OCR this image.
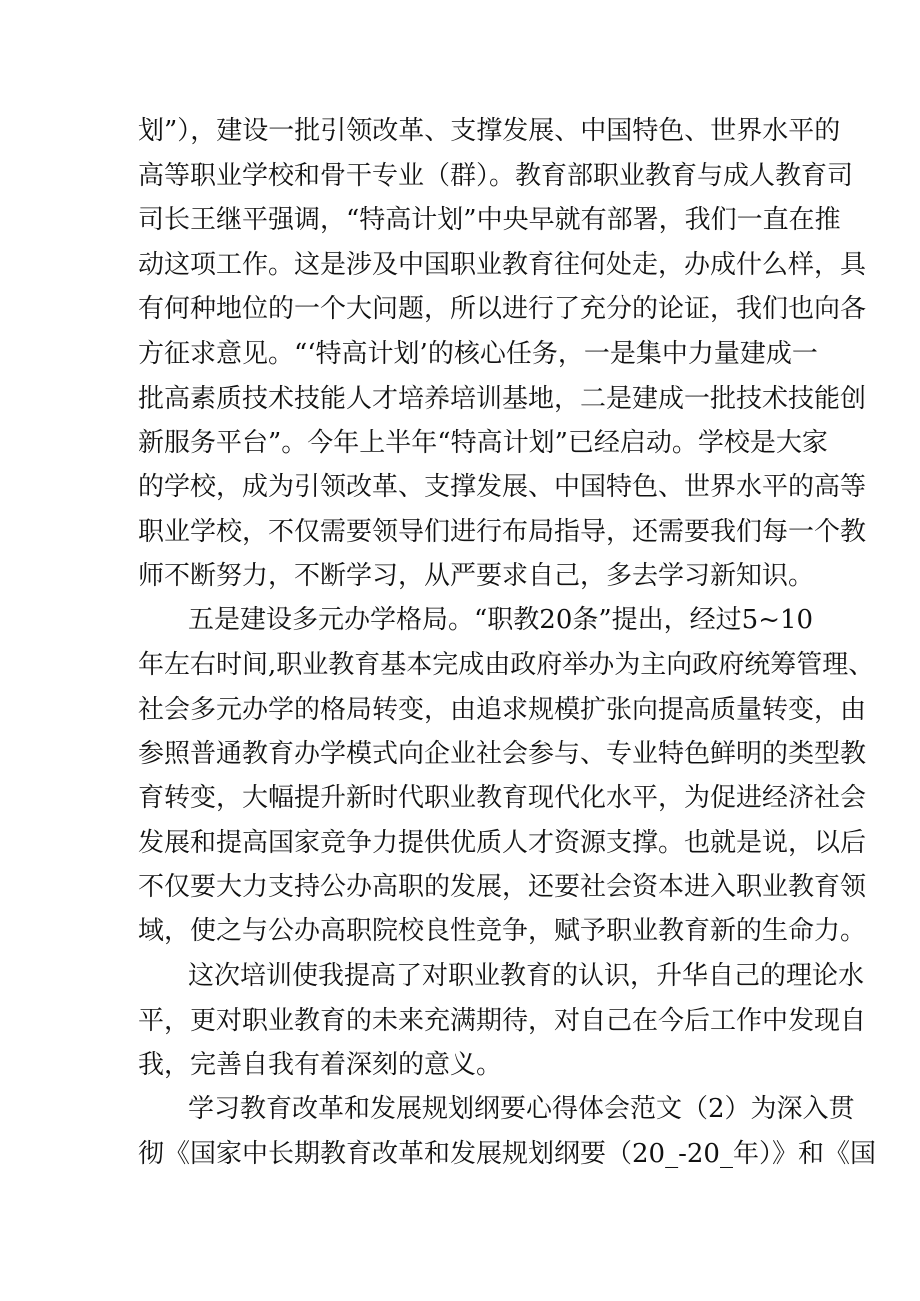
划”），建设一批引领改革、支撑发展、中国特色、世界水平的
高等职业学校和骨干专业（群）。教育部职业教育与成人教育司
司长王继平强调，“特高计划”中央早就有部署，我们一直在推
动这项工作。这是涉及中国职业教育往何处走，办成什么样，具
有何种地位的一个大问题，所以进行了充分的论证，我们也向各
方征求意见。“‘特高计划’的核心任务，一是集中力量建成一
批高素质技术技能人才培养培训基地，二是建成一批技术技能创
新服务平台”。今年上半年“特高计划”已经启动。学校是大家
的学校，成为引领改革、支撑发展、中国特色、世界水平的高等
职业学校，不仅需要领导们进行布局指导，还需要我们每一个教
师不断努力，不断学习，从严要求自己，多去学习新知识。
五是建设多元办学格局。“职教20条”提出，经过5~10
年左右时间,职业教育基本完成由政府举办为主向政府统筹管理、
社会多元办学的格局转变，由追求规模扩张向提高质量转变，由
参照普通教育办学模式向企业社会参与、专业特色鲜明的类型教
育转变，大幅提升新时代职业教育现代化水平，为促进经济社会
发展和提高国家竞争力提供优质人才资源支撑。也就是说，以后
不仅要大力支持公办高职的发展，还要社会资本进入职业教育领
域，使之与公办高职院校良性竞争，赋予职业教育新的生命力。
这次培训使我提高了对职业教育的认识，升华自己的理论水
平，更对职业教育的未来充满期待，对自己在今后工作中发现自
我，完善自我有着深刻的意义。
学习教育改革和发展规划纲要心得体会范文（2）为深入贯
彻《国家中长期教育改革和发展规划纲要（20_-20_年）》和《国
